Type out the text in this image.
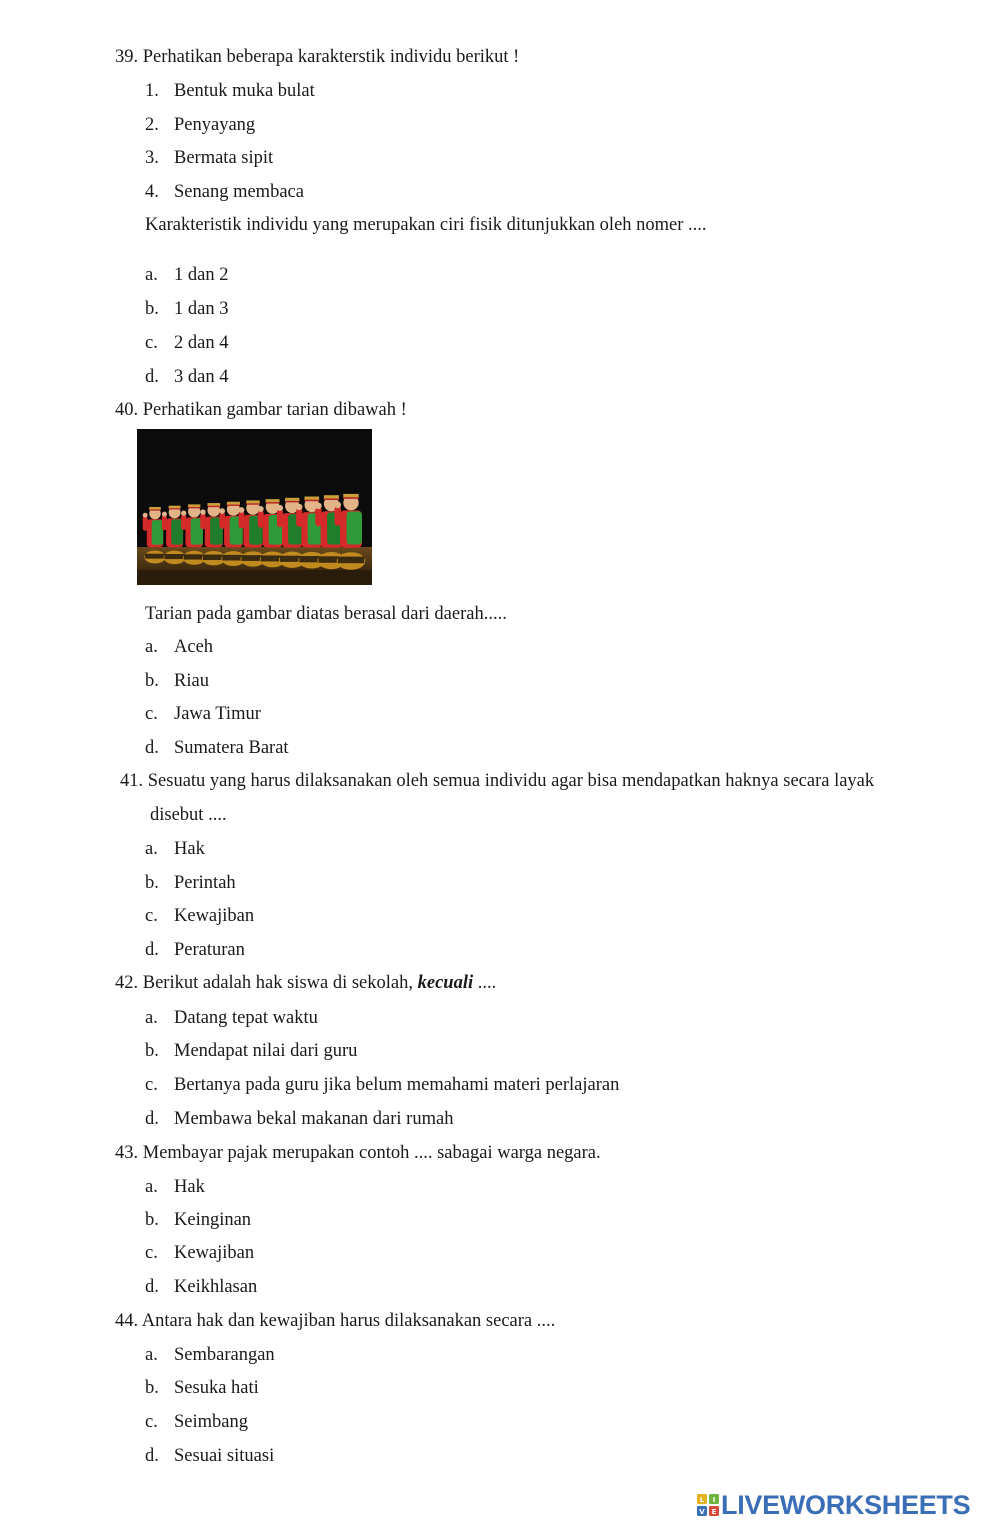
39. Perhatikan beberapa karakterstik individu berikut !
1. Bentuk muka bulat
2. Penyayang
3. Bermata sipit
4. Senang membaca
Karakteristik individu yang merupakan ciri fisik ditunjukkan oleh nomer ....
a. 1 dan 2
b. 1 dan 3
c. 2 dan 4
d. 3 dan 4
40. Perhatikan gambar tarian dibawah !
Tarian pada gambar diatas berasal dari daerah.....
a. Aceh
b. Riau
c. Jawa Timur
d. Sumatera Barat
41. Sesuatu yang harus dilaksanakan oleh semua individu agar bisa mendapatkan haknya secara layak
disebut ....
a. Hak
b. Perintah
c. Kewajiban
d. Peraturan
42. Berikut adalah hak siswa di sekolah, kecuali ....
a. Datang tepat waktu
b. Mendapat nilai dari guru
c. Bertanya pada guru jika belum memahami materi perlajaran
d. Membawa bekal makanan dari rumah
43. Membayar pajak merupakan contoh .... sabagai warga negara.
a. Hak
b. Keinginan
c. Kewajiban
d. Keikhlasan
44. Antara hak dan kewajiban harus dilaksanakan secara ....
a. Sembarangan
b. Sesuka hati
c. Seimbang
d. Sesuai situasi
L I
V E LIVEWORKSHEETS
